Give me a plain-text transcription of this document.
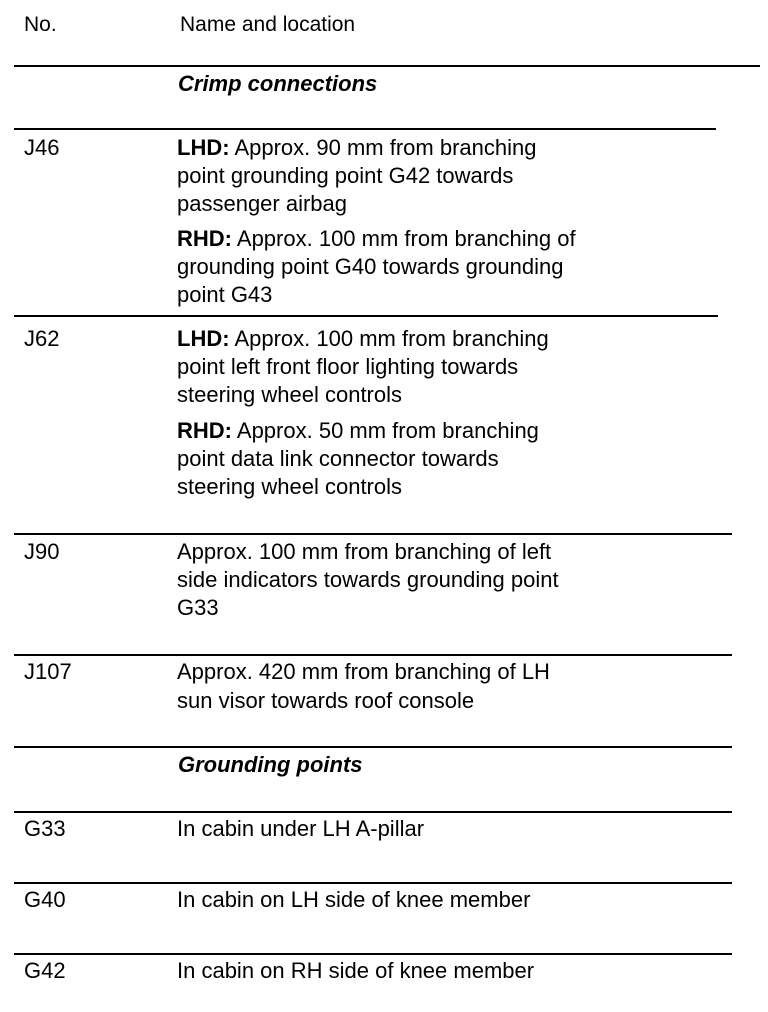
No.	Name and location

Crimp connections

J46	LHD: Approx. 90 mm from branching

point grounding point G42 towards

passenger airbag

RHD: Approx. 100 mm from branching of

grounding point G40 towards grounding

point G43

J62	LHD: Approx. 100 mm from branching

point left front floor lighting towards

steering wheel controls

RHD: Approx. 50 mm from branching

point data link connector towards

steering wheel controls

J90	Approx. 100 mm from branching of left

side indicators towards grounding point

G33

J107	Approx. 420 mm from branching of LH

sun visor towards roof console

Grounding points

G33	In cabin under LH A-pillar

G40	In cabin on LH side of knee member

G42	In cabin on RH side of knee member
